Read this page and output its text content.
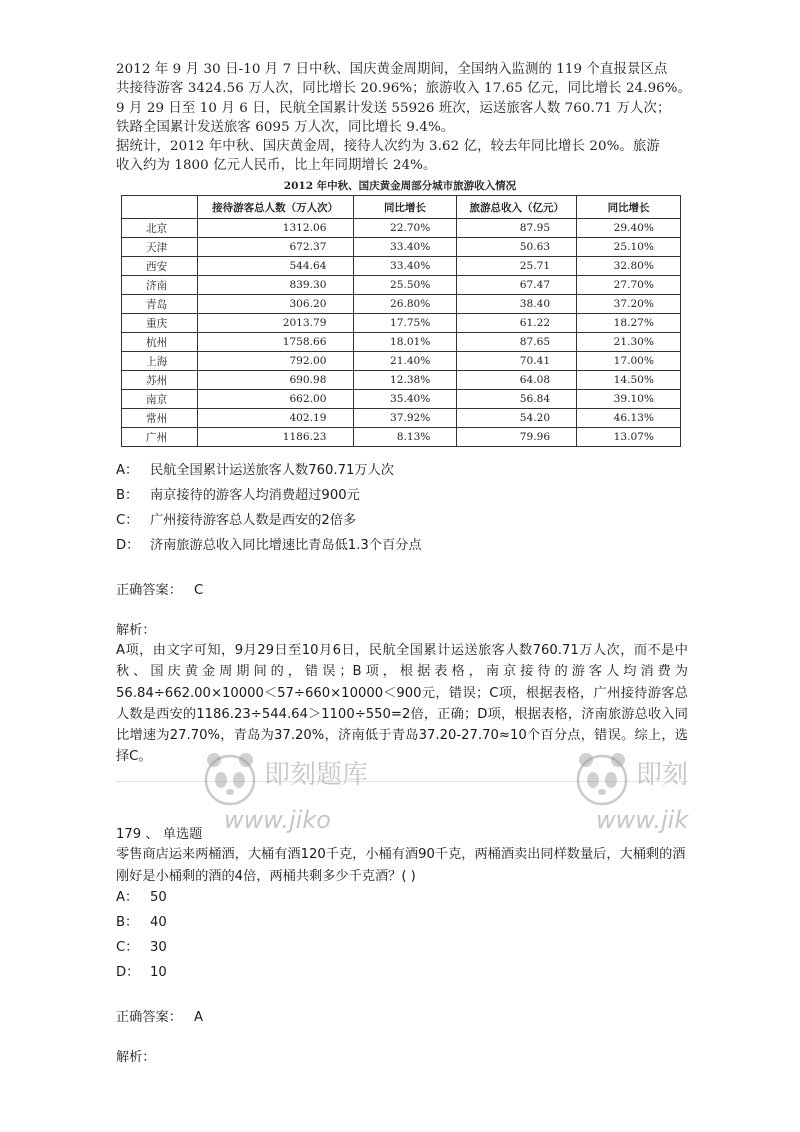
2012 年 9 月 30 日-10 月 7 日中秋、国庆黄金周期间，全国纳入监测的 119 个直报景区点

共接待游客 3424.56 万人次，同比增长 20.96%；旅游收入 17.65 亿元，同比增长 24.96%。

9 月 29 日至 10 月 6 日，民航全国累计发送 55926 班次，运送旅客人数 760.71 万人次；

铁路全国累计发送旅客 6095 万人次，同比增长 9.4%。

据统计，2012 年中秋、国庆黄金周，接待人次约为 3.62 亿，较去年同比增长 20%。旅游

收入约为 1800 亿元人民币，比上年同期增长 24%。

2012 年中秋、国庆黄金周部分城市旅游收入情况
	接待游客总人数（万人次）	同比增长	旅游总收入（亿元）	同比增长
北京	1312.06	22.70%	87.95	29.40%
天津	672.37	33.40%	50.63	25.10%
西安	544.64	33.40%	25.71	32.80%
济南	839.30	25.50%	67.47	27.70%
青岛	306.20	26.80%	38.40	37.20%
重庆	2013.79	17.75%	61.22	18.27%
杭州	1758.66	18.01%	87.65	21.30%
上海	792.00	21.40%	70.41	17.00%
苏州	690.98	12.38%	64.08	14.50%
南京	662.00	35.40%	56.84	39.10%
常州	402.19	37.92%	54.20	46.13%
广州	1186.23	8.13%	79.96	13.07%
A： 民航全国累计运送旅客人数760.71万人次
B： 南京接待的游客人均消费超过900元
C： 广州接待游客总人数是西安的2倍多
D： 济南旅游总收入同比增速比青岛低1.3个百分点
正确答案： C
解析：
A项，由文字可知，9月29日至10月6日，民航全国累计运送旅客人数760.71万人次，而不是中秋、国庆黄金周期间的，错误；B项，根据表格，南京接待的游客人均消费为56.84÷662.00×10000＜57÷660×10000＜900元，错误；C项，根据表格，广州接待游客总人数是西安的1186.23÷544.64＞1100÷550=2倍，正确；D项，根据表格，济南旅游总收入同比增速为27.70%，青岛为37.20%，济南低于青岛37.20-27.70≈10个百分点，错误。综上，选择C。
即刻题库
www.jiko
即刻
www.jik
179 、 单选题
零售商店运来两桶酒，大桶有酒120千克，小桶有酒90千克，两桶酒卖出同样数量后，大桶剩的酒刚好是小桶剩的酒的4倍，两桶共剩多少千克酒？( )
A： 50
B： 40
C： 30
D： 10
正确答案： A
解析：
